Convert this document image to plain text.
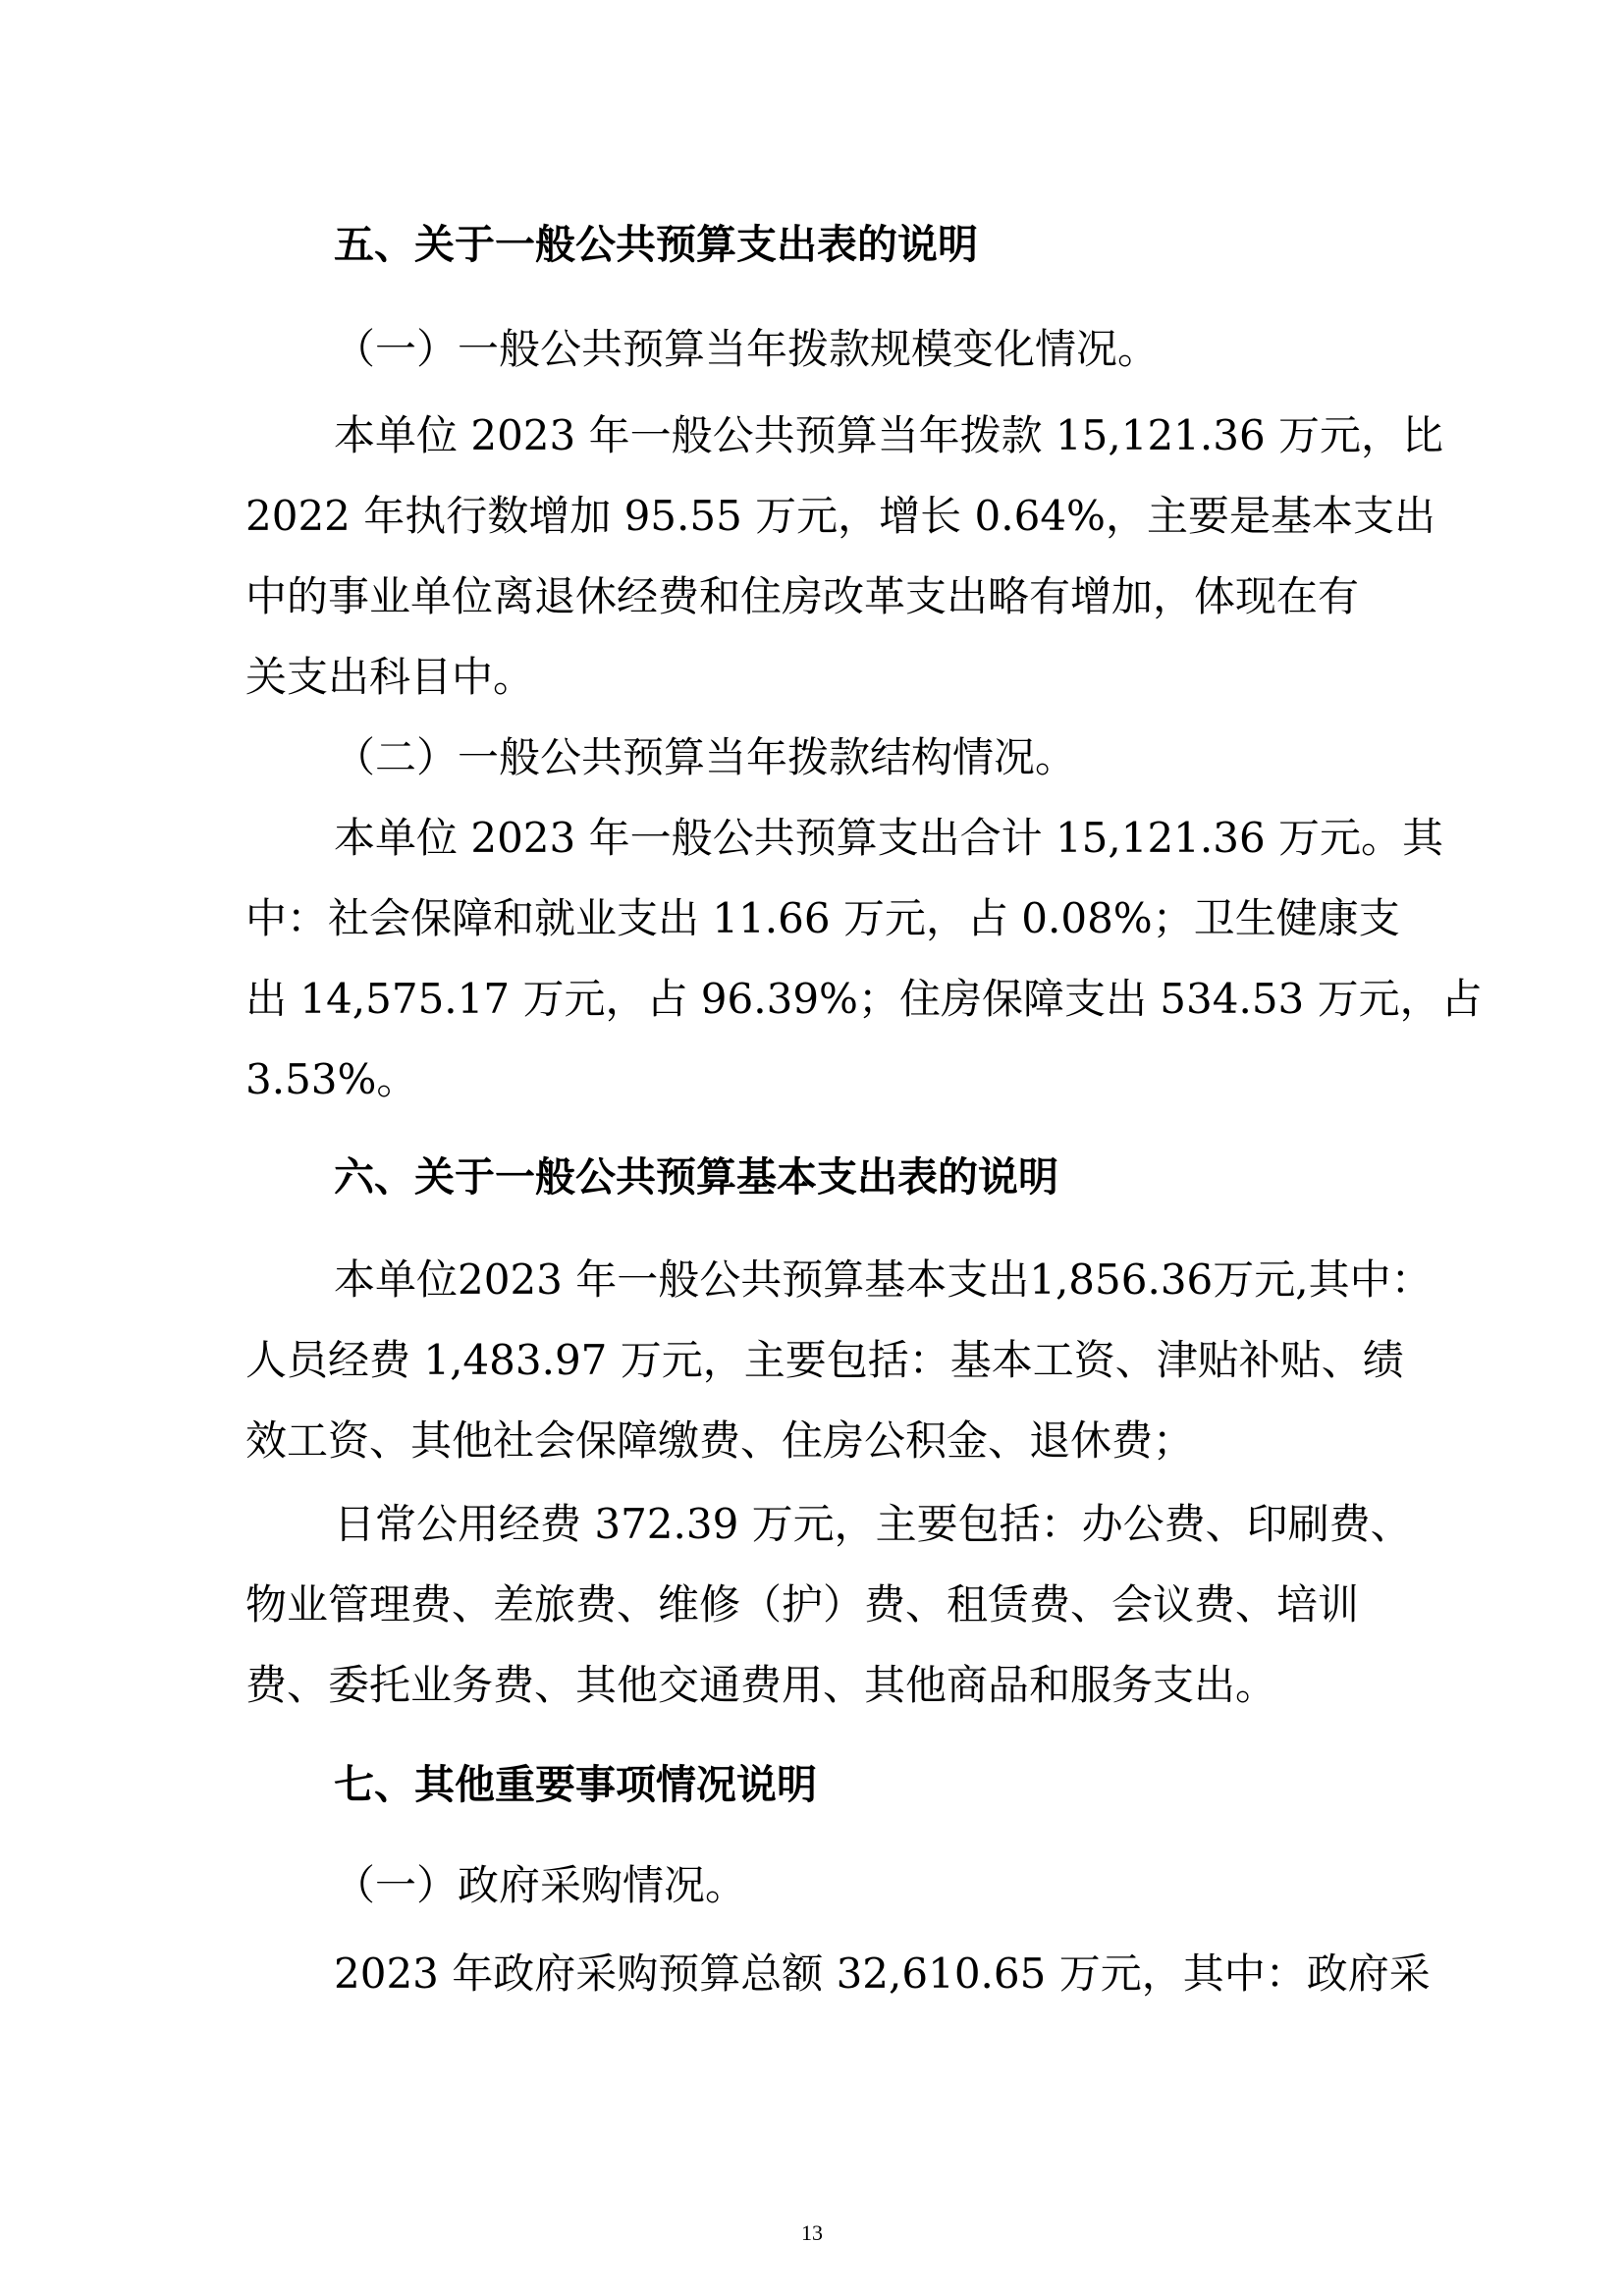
五、关于一般公共预算支出表的说明
（一）一般公共预算当年拨款规模变化情况。
本单位 2023 年一般公共预算当年拨款 15,121.36 万元，比
2022 年执行数增加 95.55 万元，增长 0.64%，主要是基本支出
中的事业单位离退休经费和住房改革支出略有增加，体现在有
关支出科目中。
（二）一般公共预算当年拨款结构情况。
本单位 2023 年一般公共预算支出合计 15,121.36 万元。其
中：社会保障和就业支出 11.66 万元，占 0.08%；卫生健康支
出 14,575.17 万元，占 96.39%；住房保障支出 534.53 万元，占
3.53%。
六、关于一般公共预算基本支出表的说明
本单位2023 年一般公共预算基本支出1,856.36万元,其中：
人员经费 1,483.97 万元，主要包括：基本工资、津贴补贴、绩
效工资、其他社会保障缴费、住房公积金、退休费；
日常公用经费 372.39 万元，主要包括：办公费、印刷费、
物业管理费、差旅费、维修（护）费、租赁费、会议费、培训
费、委托业务费、其他交通费用、其他商品和服务支出。
七、其他重要事项情况说明
（一）政府采购情况。
2023 年政府采购预算总额 32,610.65 万元，其中：政府采
13
